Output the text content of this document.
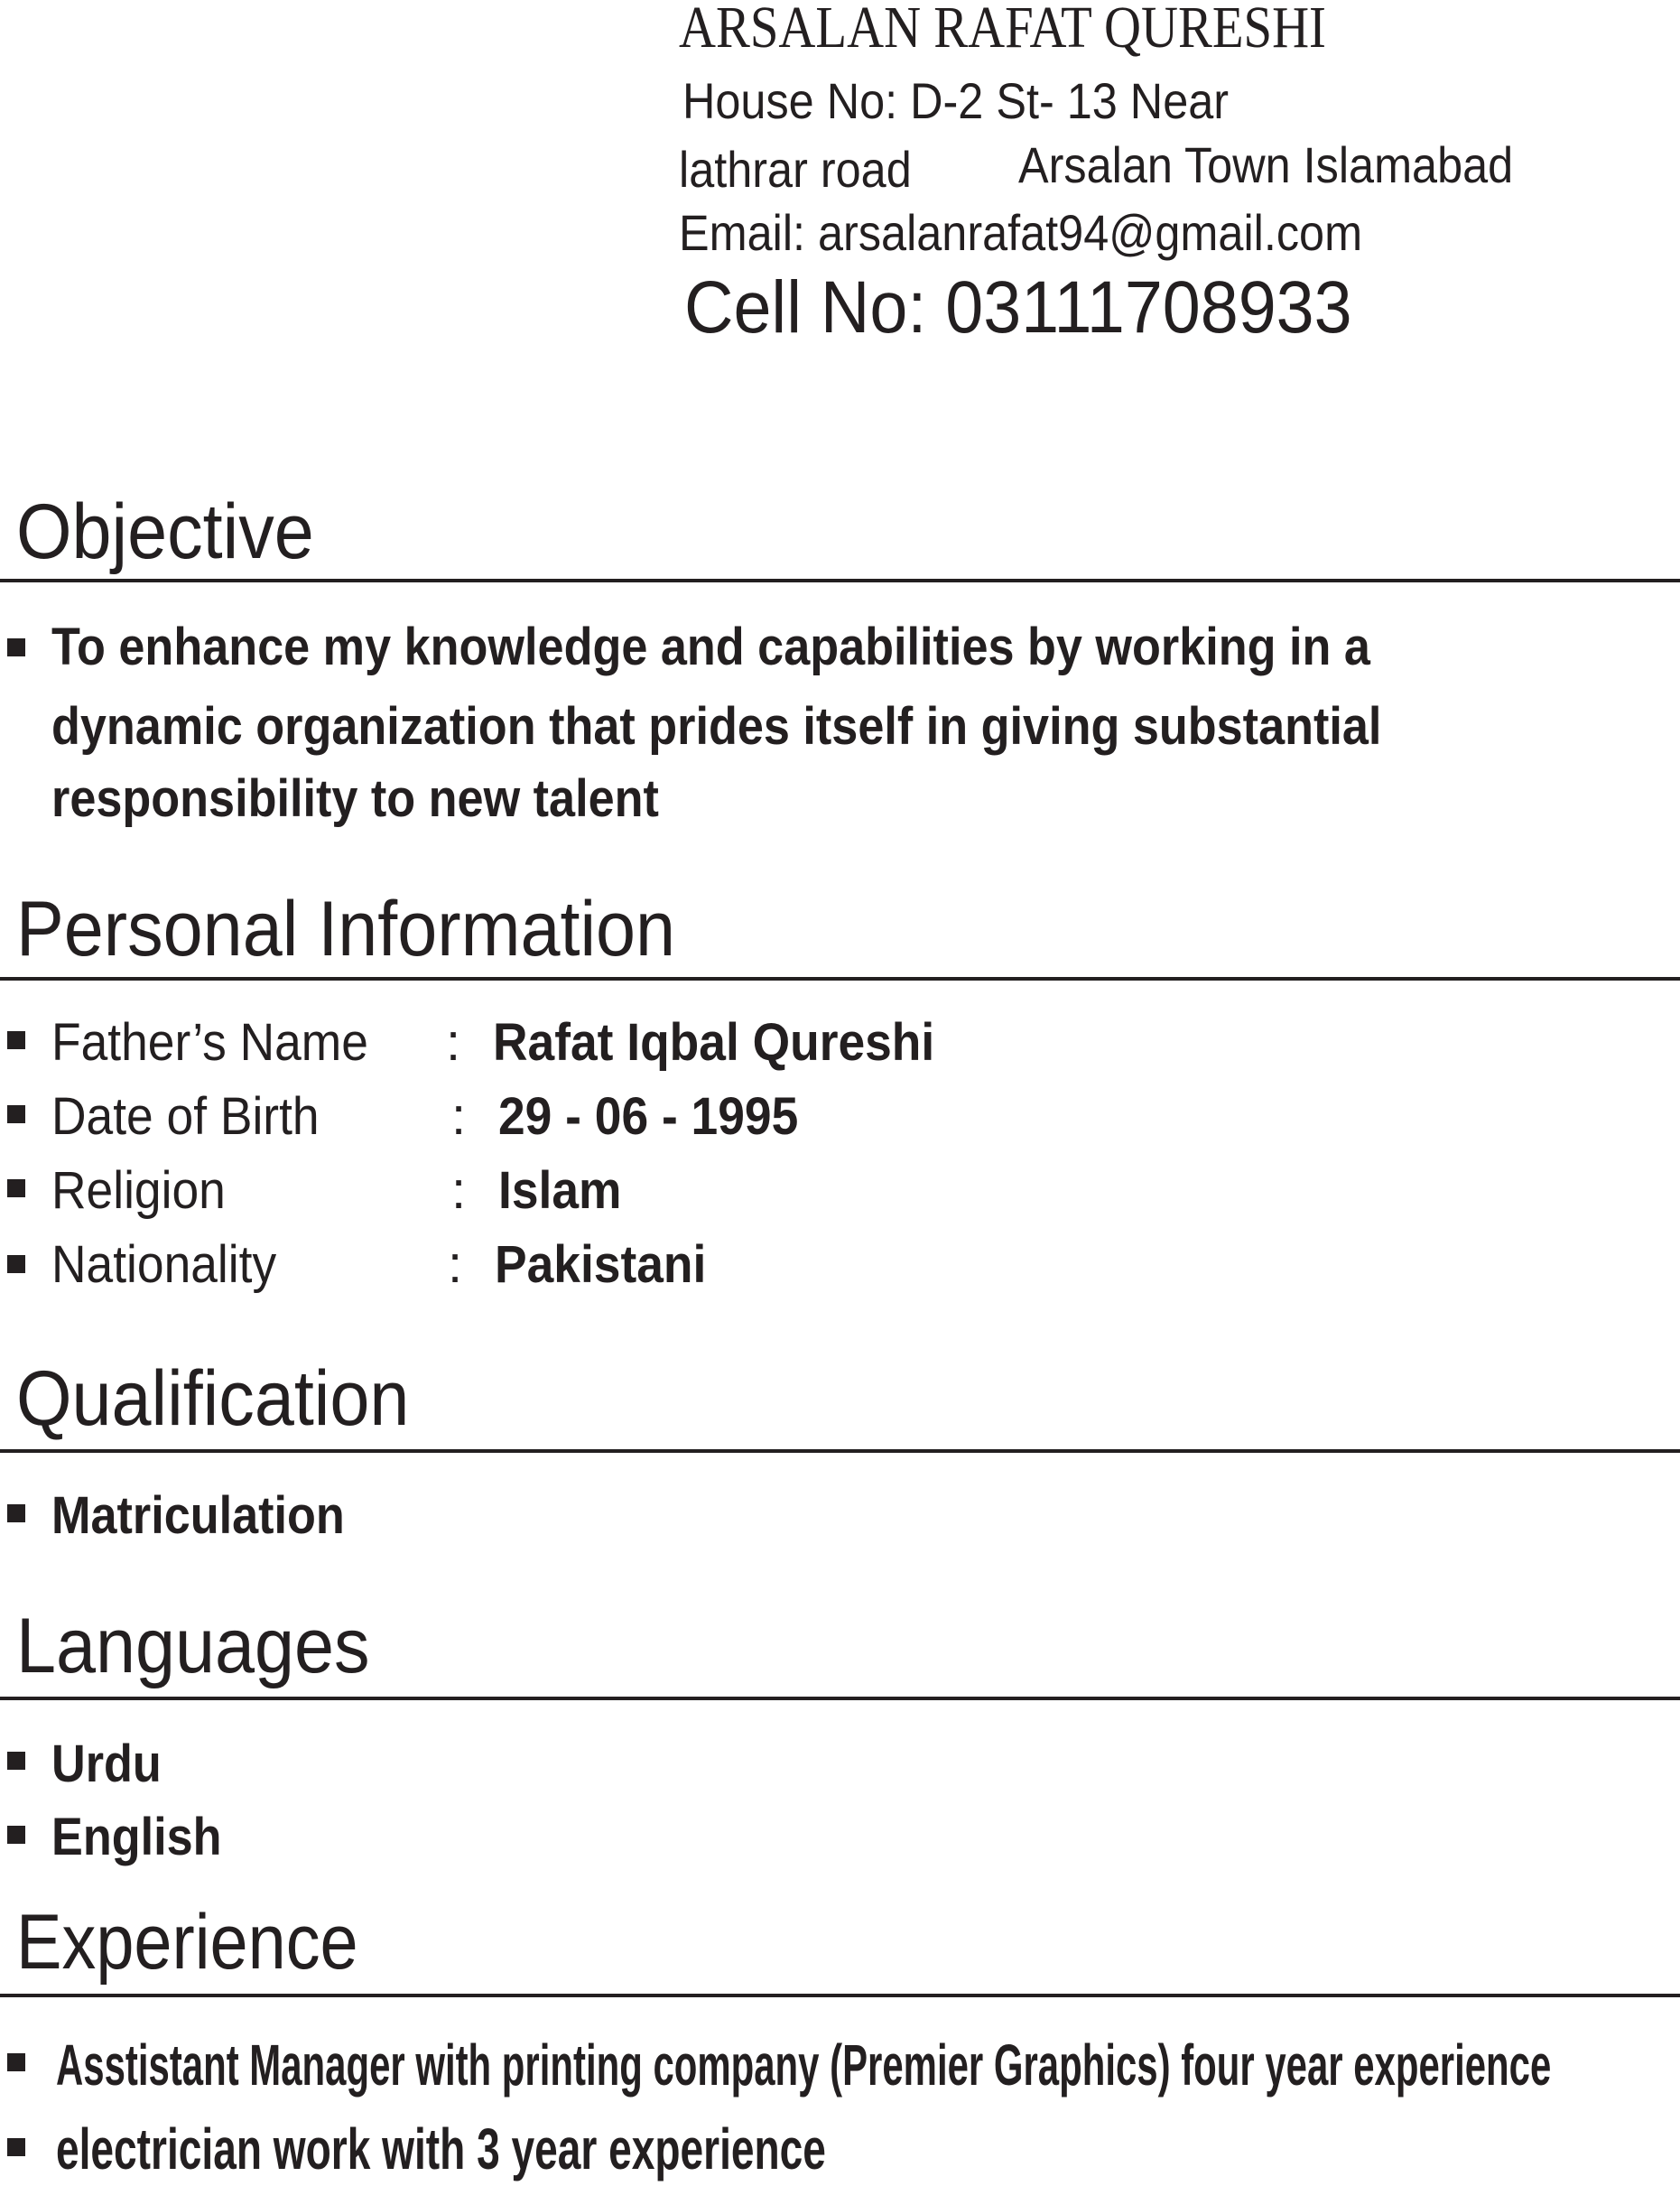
ARSALAN RAFAT QURESHI
House No: D-2 St- 13 Near
lathrar road	Arsalan Town Islamabad
Email: arsalanrafat94@gmail.com
Cell No: 03111708933
Objective
To enhance my knowledge and capabilities by working in a
dynamic organization that prides itself in giving substantial
responsibility to new talent
Personal Information
Father’s Name	: Rafat Iqbal Qureshi
Date of Birth	: 29 - 06 - 1995
Religion	: Islam
Nationality	: Pakistani
Qualification
Matriculation
Languages
Urdu
English
Experience
Asstistant Manager with printing company (Premier Graphics) four year experience
electrician work with 3 year experience
